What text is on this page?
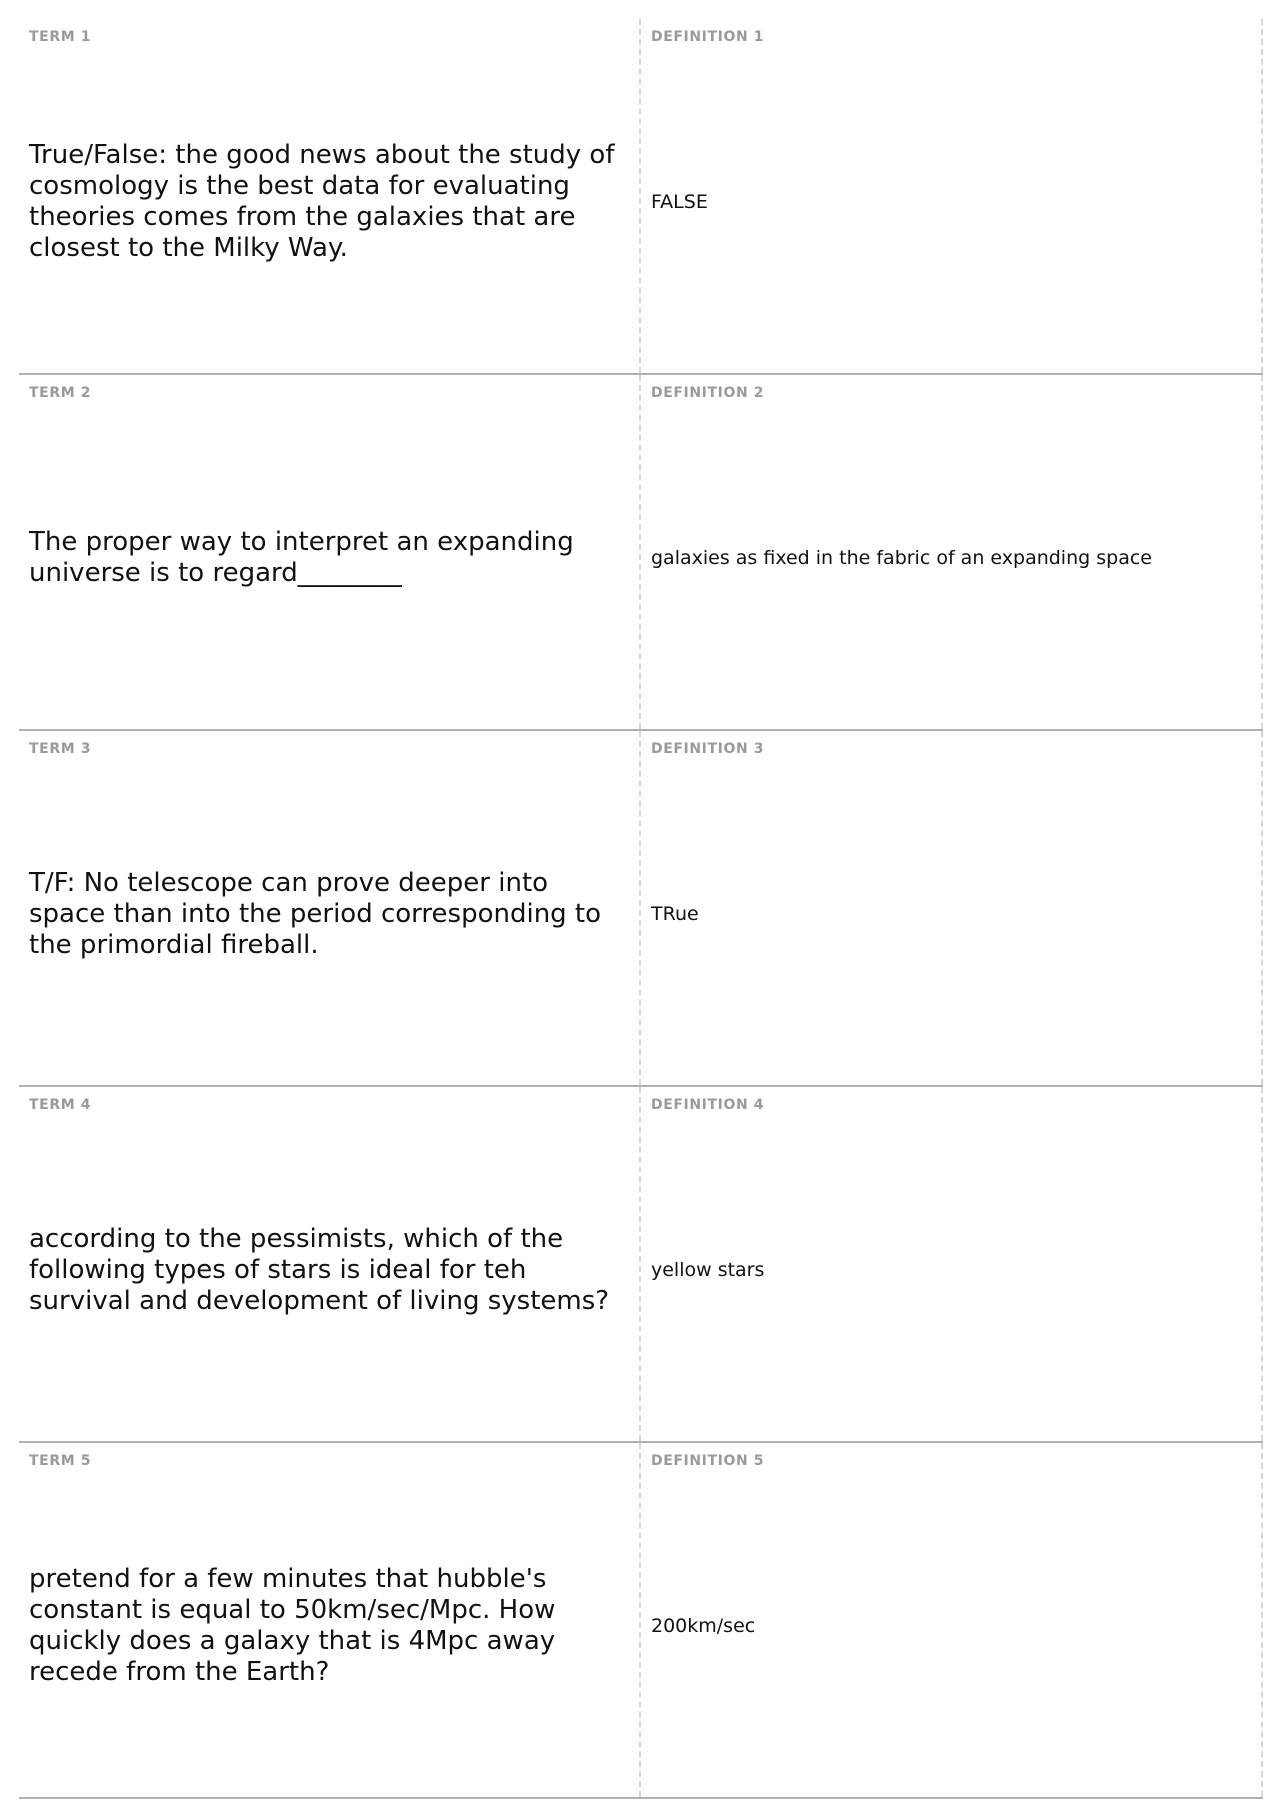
TERM 1
True/False: the good news about the study of cosmology is the best data for evaluating theories comes from the galaxies that are closest to the Milky Way.
DEFINITION 1
FALSE
TERM 2
The proper way to interpret an expanding universe is to regard________
DEFINITION 2
galaxies as fixed in the fabric of an expanding space
TERM 3
T/F: No telescope can prove deeper into space than into the period corresponding to the primordial fireball.
DEFINITION 3
TRue
TERM 4
according to the pessimists, which of the following types of stars is ideal for teh survival and development of living systems?
DEFINITION 4
yellow stars
TERM 5
pretend for a few minutes that hubble's constant is equal to 50km/sec/Mpc. How quickly does a galaxy that is 4Mpc away recede from the Earth?
DEFINITION 5
200km/sec
